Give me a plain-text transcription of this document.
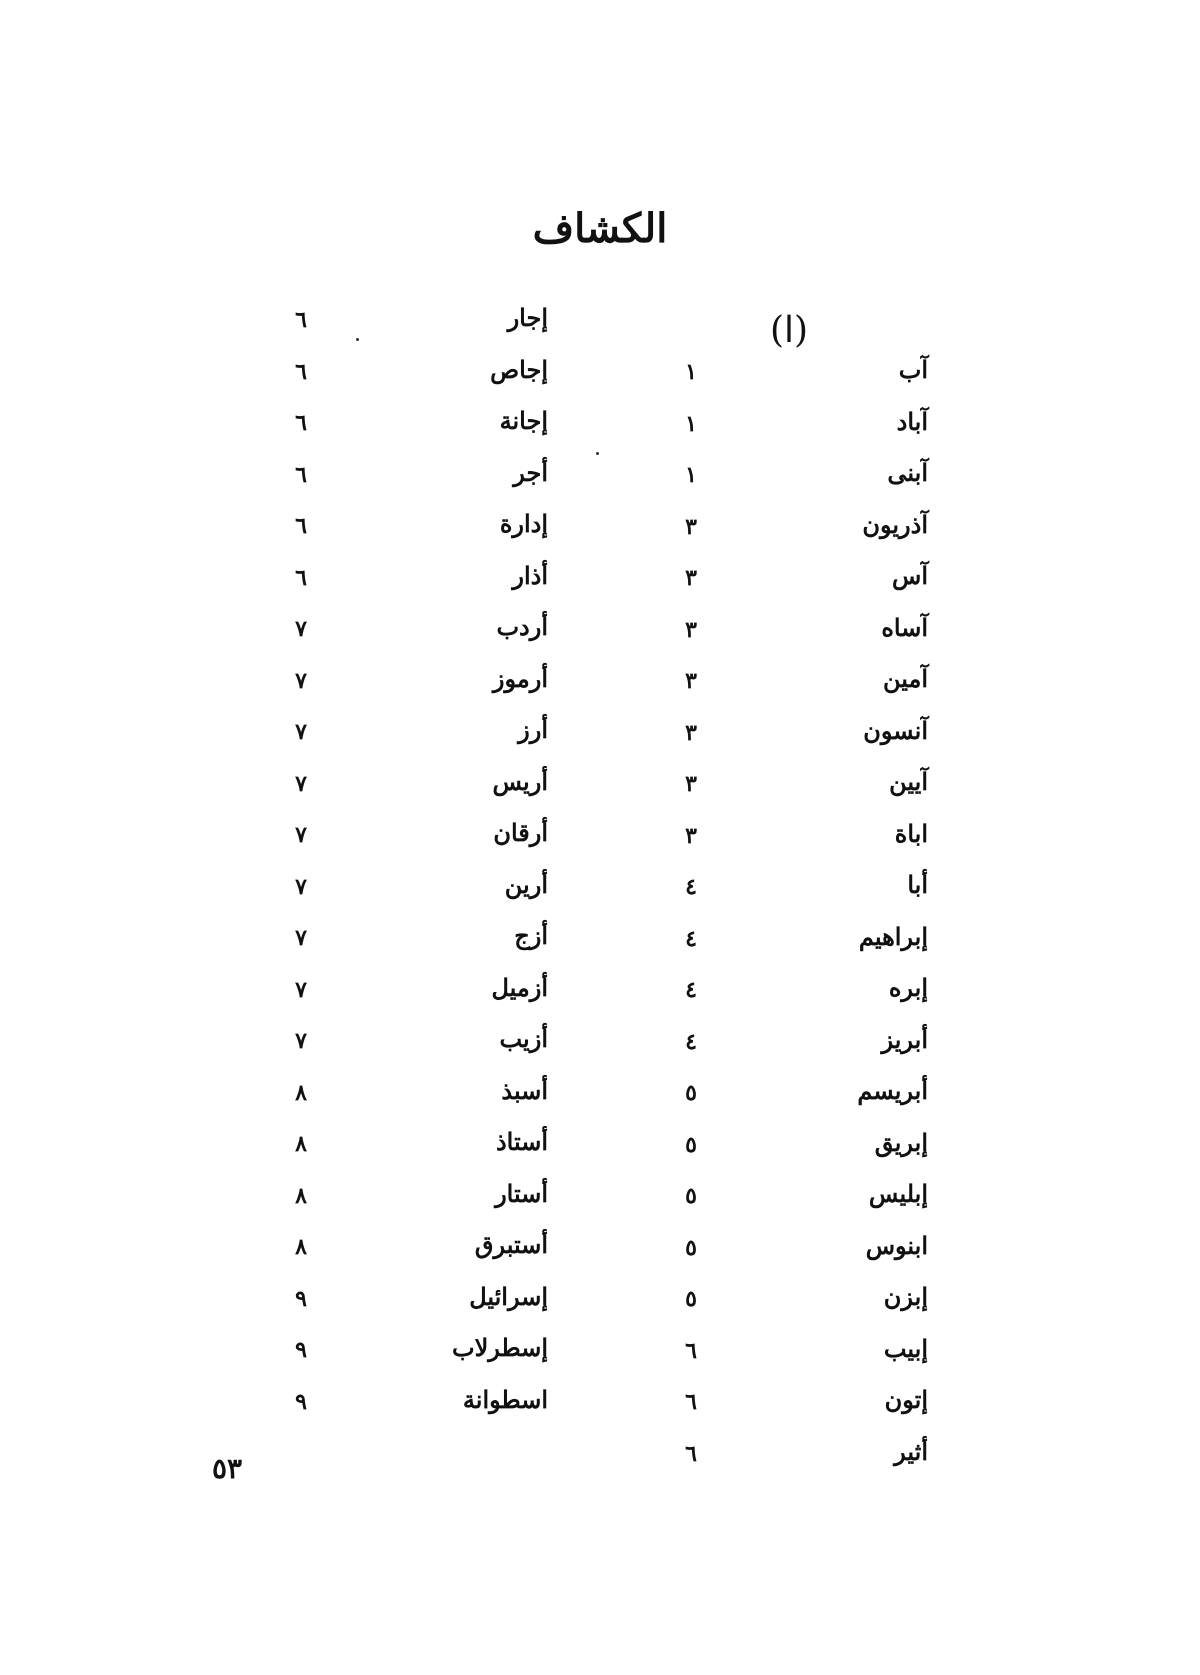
الكشاف
(ا)
آب
١
آباد
١
آبنى
١
آذريون
٣
آس
٣
آساه
٣
آمين
٣
آنسون
٣
آيين
٣
اباة
٣
أبا
٤
إبراهيم
٤
إبره
٤
أبريز
٤
أبريسم
٥
إبريق
٥
إبليس
٥
ابنوس
٥
إبزن
٥
إبيب
٦
إتون
٦
أثير
٦
إجار
٦
إجاص
٦
إجانة
٦
أجر
٦
إدارة
٦
أذار
٦
أردب
٧
أرموز
٧
أرز
٧
أريس
٧
أرقان
٧
أرين
٧
أزج
٧
أزميل
٧
أزيب
٧
أسبذ
٨
أستاذ
٨
أستار
٨
أستبرق
٨
إسرائيل
٩
إسطرلاب
٩
اسطوانة
٩
٥٣
